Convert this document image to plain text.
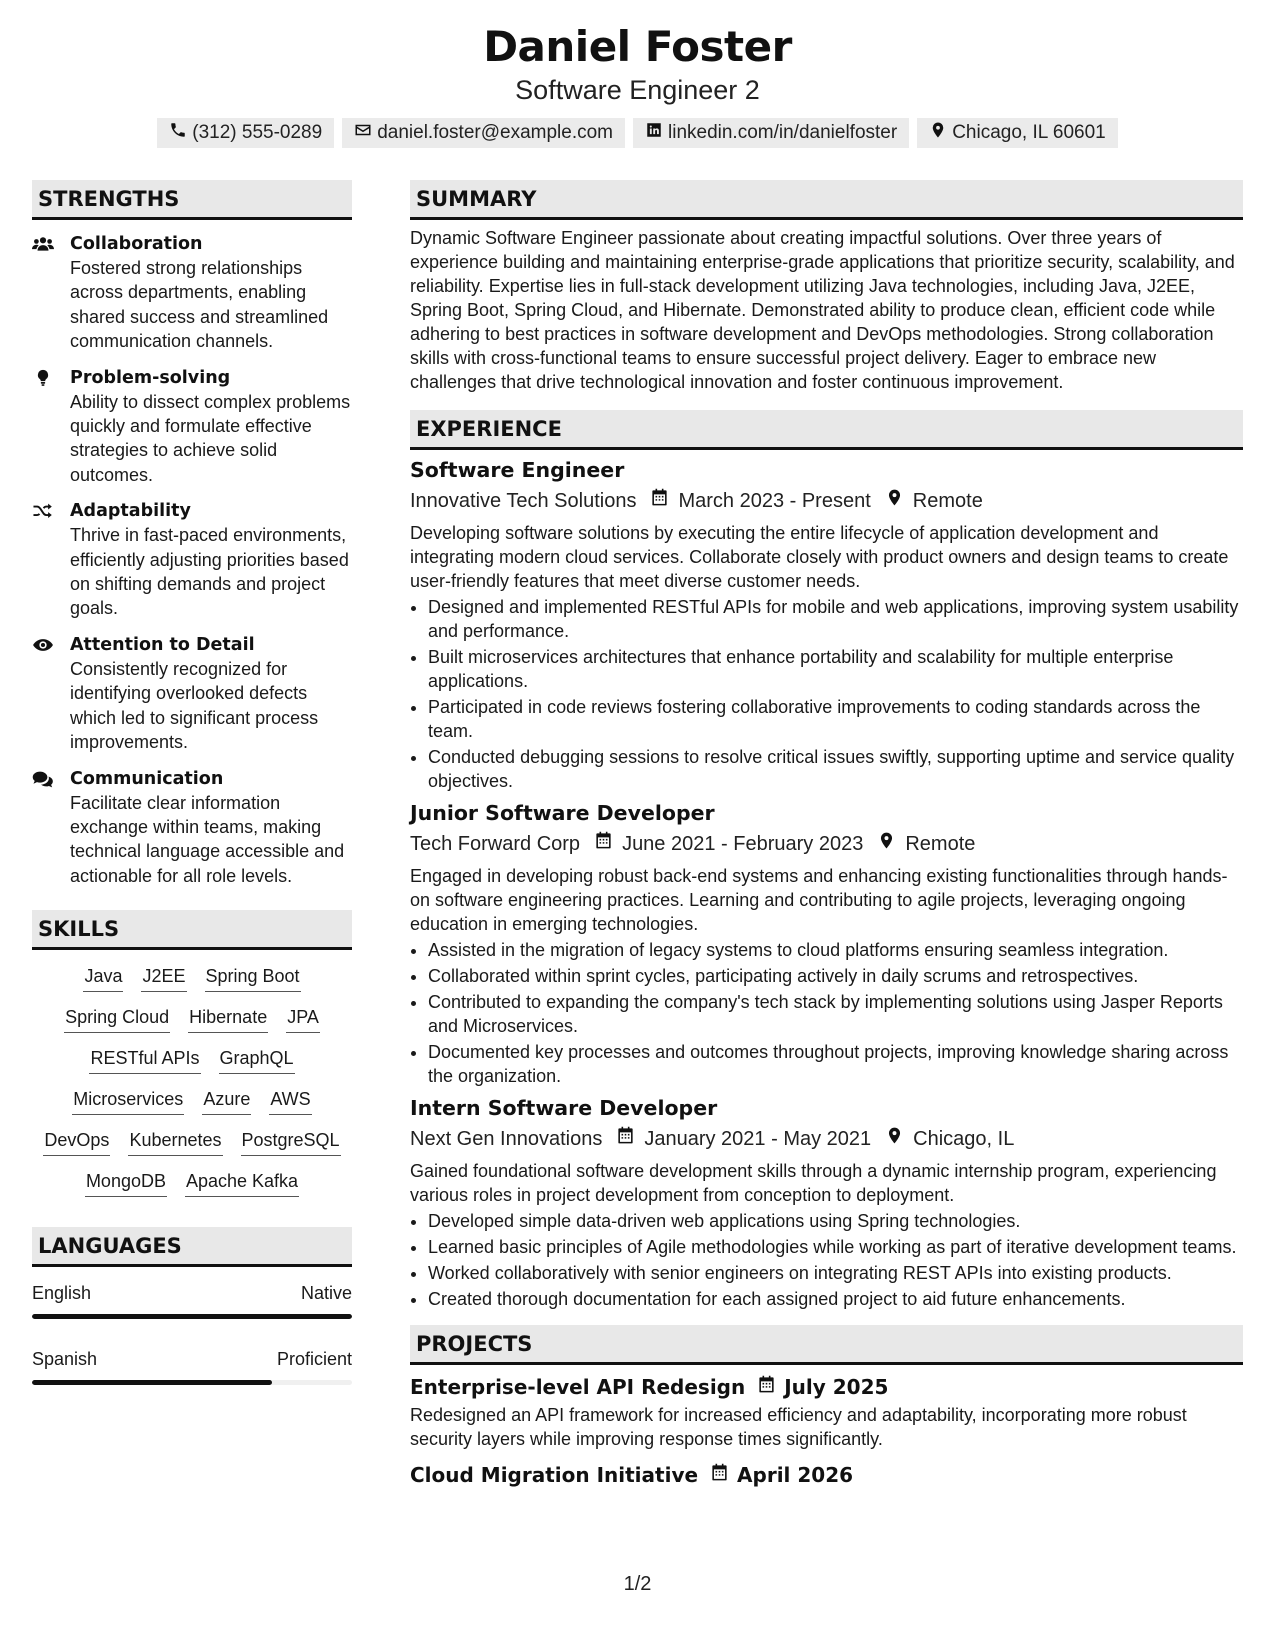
Daniel Foster
Software Engineer 2
(312) 555-0289	daniel.foster@example.com	linkedin.com/in/danielfoster	Chicago, IL 60601
STRENGTHS
Collaboration
Fostered strong relationships across departments, enabling shared success and streamlined communication channels.
Problem-solving
Ability to dissect complex problems quickly and formulate effective strategies to achieve solid outcomes.
Adaptability
Thrive in fast-paced environments, efficiently adjusting priorities based on shifting demands and project goals.
Attention to Detail
Consistently recognized for identifying overlooked defects which led to significant process improvements.
Communication
Facilitate clear information exchange within teams, making technical language accessible and actionable for all role levels.
SKILLS
Java J2EE Spring Boot
Spring Cloud Hibernate JPA
RESTful APIs GraphQL
Microservices Azure AWS
DevOps Kubernetes PostgreSQL
MongoDB Apache Kafka
LANGUAGES
English	Native
Spanish	Proficient
SUMMARY
Dynamic Software Engineer passionate about creating impactful solutions. Over three years of experience building and maintaining enterprise-grade applications that prioritize security, scalability, and reliability. Expertise lies in full-stack development utilizing Java technologies, including Java, J2EE, Spring Boot, Spring Cloud, and Hibernate. Demonstrated ability to produce clean, efficient code while adhering to best practices in software development and DevOps methodologies. Strong collaboration skills with cross-functional teams to ensure successful project delivery. Eager to embrace new challenges that drive technological innovation and foster continuous improvement.
EXPERIENCE
Software Engineer
Innovative Tech Solutions March 2023 - Present Remote
Developing software solutions by executing the entire lifecycle of application development and integrating modern cloud services. Collaborate closely with product owners and design teams to create user-friendly features that meet diverse customer needs.
• Designed and implemented RESTful APIs for mobile and web applications, improving system usability and performance.
• Built microservices architectures that enhance portability and scalability for multiple enterprise applications.
• Participated in code reviews fostering collaborative improvements to coding standards across the team.
• Conducted debugging sessions to resolve critical issues swiftly, supporting uptime and service quality objectives.
Junior Software Developer
Tech Forward Corp June 2021 - February 2023 Remote
Engaged in developing robust back-end systems and enhancing existing functionalities through hands-on software engineering practices. Learning and contributing to agile projects, leveraging ongoing education in emerging technologies.
• Assisted in the migration of legacy systems to cloud platforms ensuring seamless integration.
• Collaborated within sprint cycles, participating actively in daily scrums and retrospectives.
• Contributed to expanding the company's tech stack by implementing solutions using Jasper Reports and Microservices.
• Documented key processes and outcomes throughout projects, improving knowledge sharing across the organization.
Intern Software Developer
Next Gen Innovations January 2021 - May 2021 Chicago, IL
Gained foundational software development skills through a dynamic internship program, experiencing various roles in project development from conception to deployment.
• Developed simple data-driven web applications using Spring technologies.
• Learned basic principles of Agile methodologies while working as part of iterative development teams.
• Worked collaboratively with senior engineers on integrating REST APIs into existing products.
• Created thorough documentation for each assigned project to aid future enhancements.
PROJECTS
Enterprise-level API Redesign July 2025
Redesigned an API framework for increased efficiency and adaptability, incorporating more robust security layers while improving response times significantly.
Cloud Migration Initiative April 2026
1/2
